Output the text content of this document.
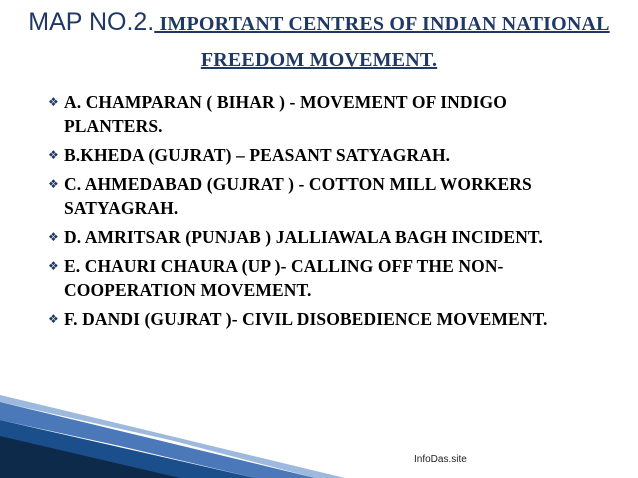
MAP NO.2. IMPORTANT CENTRES OF INDIAN NATIONAL FREEDOM MOVEMENT.
❖ A. CHAMPARAN ( BIHAR ) - MOVEMENT OF INDIGO PLANTERS.
❖ B.KHEDA (GUJRAT) – PEASANT SATYAGRAH.
❖ C. AHMEDABAD (GUJRAT ) - COTTON MILL WORKERS SATYAGRAH.
❖ D. AMRITSAR (PUNJAB ) JALLIAWALA BAGH INCIDENT.
❖ E. CHAURI CHAURA (UP )- CALLING OFF THE NON- COOPERATION MOVEMENT.
❖ F. DANDI (GUJRAT )- CIVIL DISOBEDIENCE MOVEMENT.
InfoDas.site
